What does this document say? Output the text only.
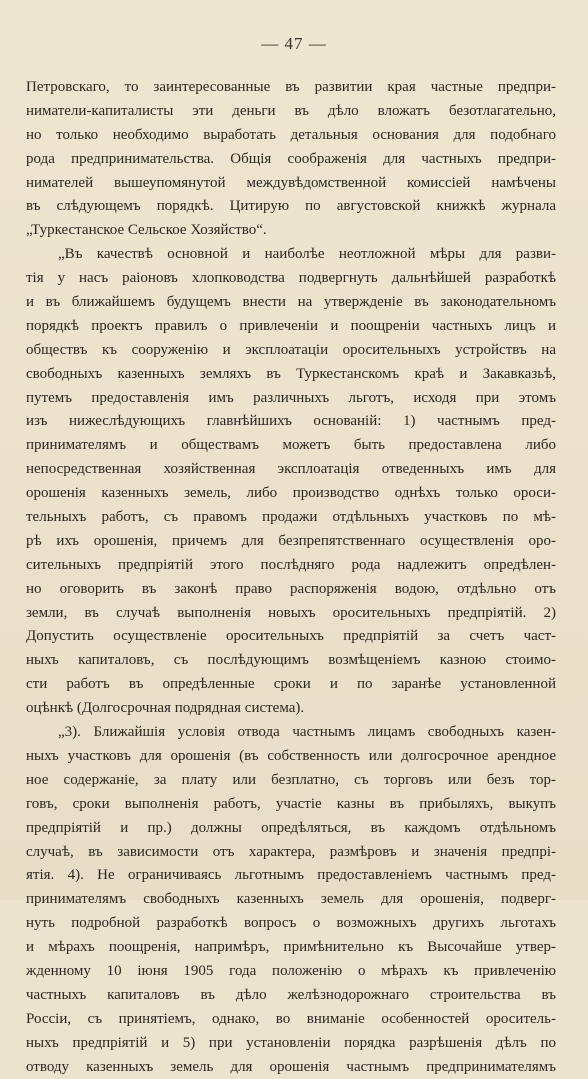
— 47 —
Петровскаго, то заинтересованные въ развитии края частные предпри-
ниматели-капиталисты эти деньги въ дѣло вложатъ безотлагательно,
но только необходимо выработать детальныя основания для подобнаго
рода предпринимательства. Общія соображенія для частныхъ предпри-
нимателей вышеупомянутой междувѣдомственной комиссіей намѣчены
въ слѣдующемъ порядкѣ. Цитирую по августовской книжкѣ журнала
„Туркестанское Сельское Хозяйство“.
„Въ качествѣ основной и наиболѣе неотложной мѣры для разви-
тія у насъ раіоновъ хлопководства подвергнуть дальнѣйшей разработкѣ
и въ ближайшемъ будущемъ внести на утвержденіе въ законодательномъ
порядкѣ проектъ правилъ о привлеченіи и поощреніи частныхъ лицъ и
обществъ къ сооруженію и эксплоатаціи оросительныхъ устройствъ на
свободныхъ казенныхъ земляхъ въ Туркестанскомъ краѣ и Закавказьѣ,
путемъ предоставленія имъ различныхъ льготъ, исходя при этомъ
изъ нижеслѣдующихъ главнѣйшихъ основаній: 1) частнымъ пред-
принимателямъ и обществамъ можетъ быть предоставлена либо
непосредственная хозяйственная эксплоатація отведенныхъ имъ для
орошенія казенныхъ земель, либо производство однѣхъ только ороси-
тельныхъ работъ, съ правомъ продажи отдѣльныхъ участковъ по мѣ-
рѣ ихъ орошенія, причемъ для безпрепятственнаго осуществленія оро-
сительныхъ предпріятій этого послѣдняго рода надлежитъ опредѣлен-
но оговорить въ законѣ право распоряженія водою, отдѣльно отъ
земли, въ случаѣ выполненія новыхъ оросительныхъ предпріятій. 2)
Допустить осуществленіе оросительныхъ предпріятій за счетъ част-
ныхъ капиталовъ, съ послѣдующимъ возмѣщеніемъ казною стоимо-
сти работъ въ опредѣленные сроки и по заранѣе установленной
оцѣнкѣ (Долгосрочная подрядная система).
„3). Ближайшія условія отвода частнымъ лицамъ свободныхъ казен-
ныхъ участковъ для орошенія (въ собственность или долгосрочное арендное
ное содержаніе, за плату или безплатно, съ торговъ или безъ тор-
говъ, сроки выполненія работъ, участіе казны въ прибыляхъ, выкупъ
предпріятій и пр.) должны опредѣляться, въ каждомъ отдѣльномъ
случаѣ, въ зависимости отъ характера, размѣровъ и значенія предпрі-
ятія. 4). Не ограничиваясь льготнымъ предоставленіемъ частнымъ пред-
принимателямъ свободныхъ казенныхъ земель для орошенія, подверг-
нуть подробной разработкѣ вопросъ о возможныхъ другихъ льготахъ
и мѣрахъ поощренія, напримѣръ, примѣнительно къ Высочайше утвер-
жденному 10 іюня 1905 года положенію о мѣрахъ къ привлеченію
частныхъ капиталовъ въ дѣло желѣзнодорожнаго строительства въ
Россіи, съ принятіемъ, однако, во вниманіе особенностей ороситель-
ныхъ предпріятій и 5) при установленіи порядка разрѣшенія дѣлъ по
отводу казенныхъ земель для орошенія частнымъ предпринимателямъ
